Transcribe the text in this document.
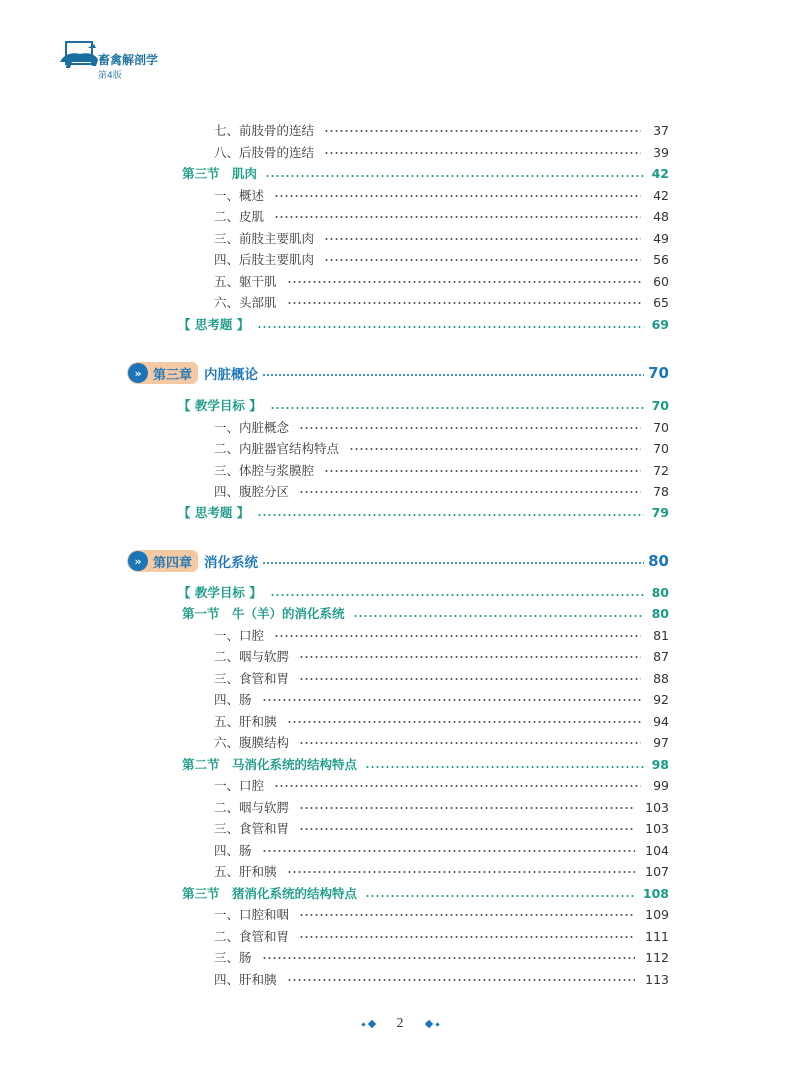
畜禽解剖学
第4版
七、前肢骨的连结	37
八、后肢骨的连结	39
第三节　肌肉	42
一、概述	42
二、皮肌	48
三、前肢主要肌肉	49
四、后肢主要肌肉	56
五、躯干肌	60
六、头部肌	65
【 思考题 】	69
» 第三章 内脏概论	70
【 教学目标 】	70
一、内脏概念	70
二、内脏器官结构特点	70
三、体腔与浆膜腔	72
四、腹腔分区	78
【 思考题 】	79
» 第四章 消化系统	80
【 教学目标 】	80
第一节　牛（羊）的消化系统	80
一、口腔	81
二、咽与软腭	87
三、食管和胃	88
四、肠	92
五、肝和胰	94
六、腹膜结构	97
第二节　马消化系统的结构特点	98
一、口腔	99
二、咽与软腭	103
三、食管和胃	103
四、肠	104
五、肝和胰	107
第三节　猪消化系统的结构特点	108
一、口腔和咽	109
二、食管和胃	111
三、肠	112
四、肝和胰	113
2
